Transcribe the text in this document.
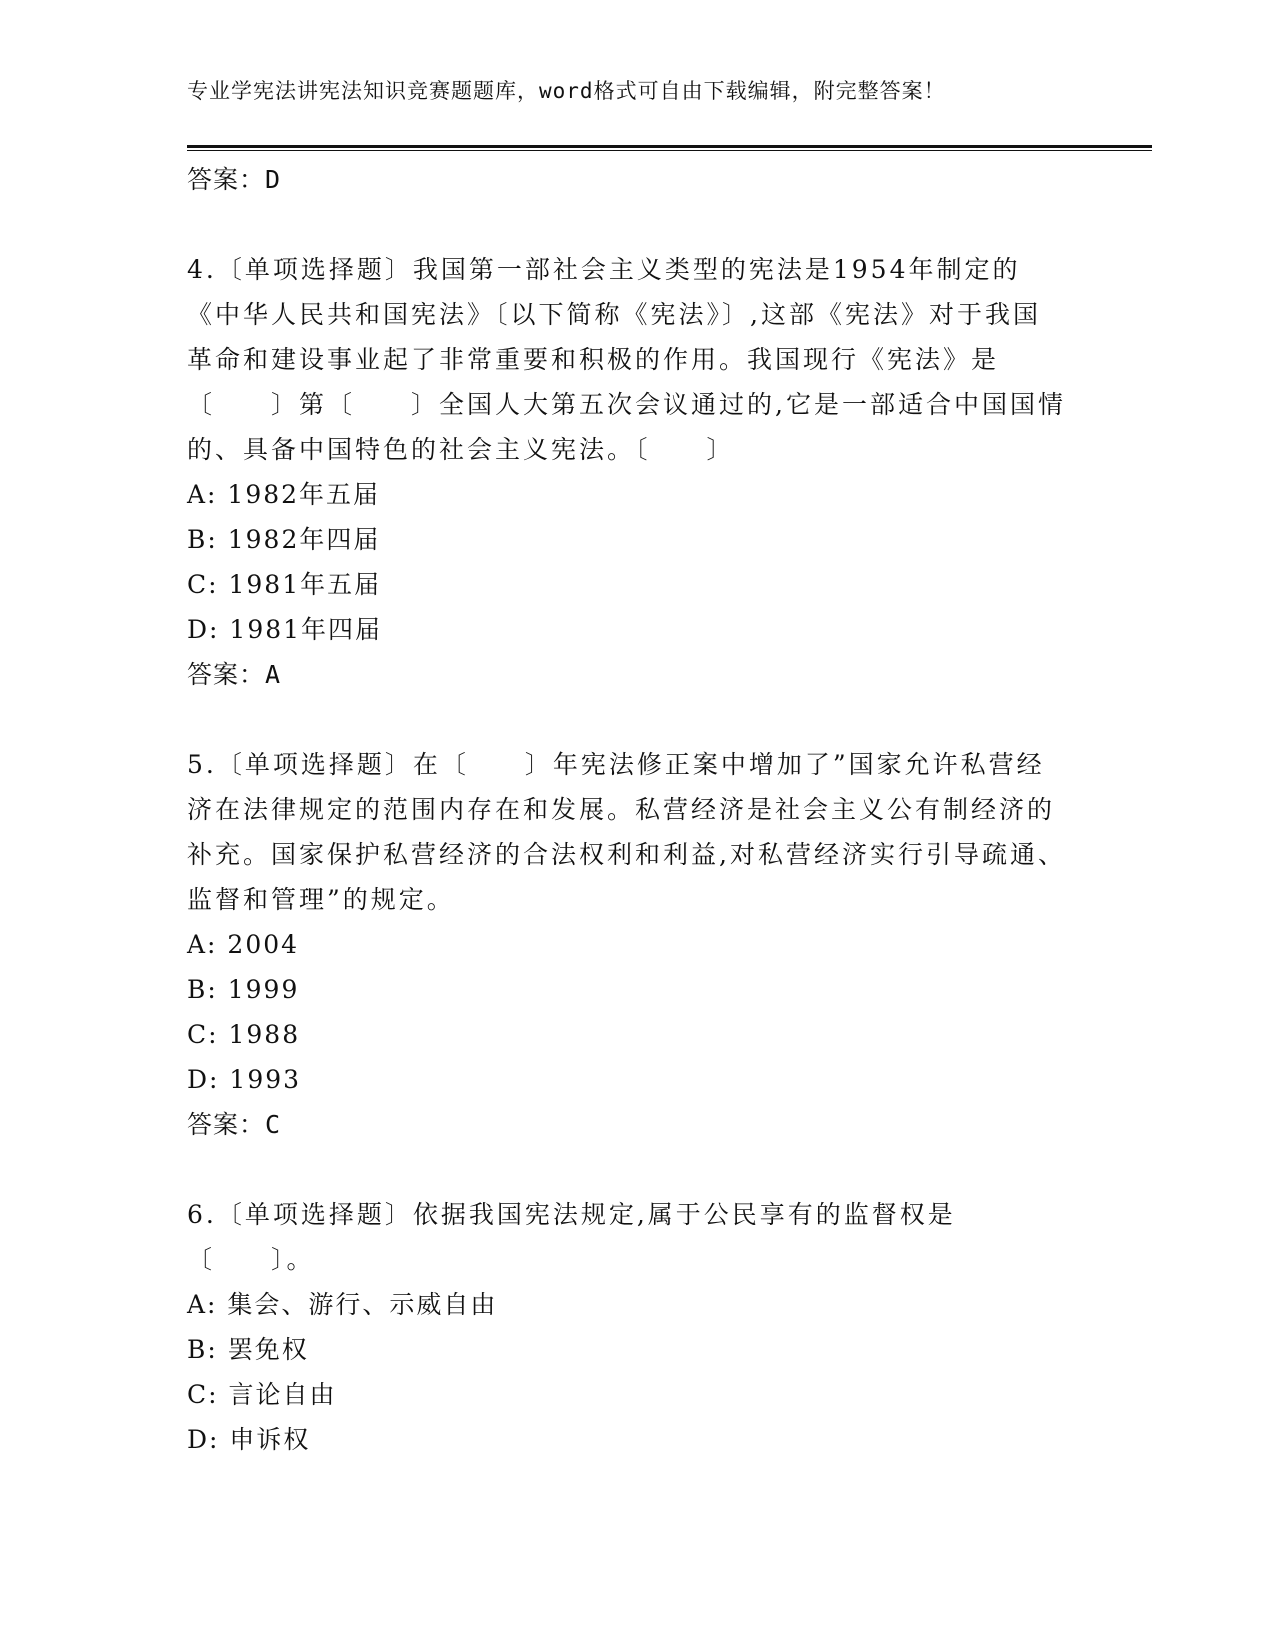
专业学宪法讲宪法知识竞赛题题库，word格式可自由下载编辑，附完整答案！
答案：D
4.〔单项选择题〕我国第一部社会主义类型的宪法是1954年制定的《中华人民共和国宪法》〔以下简称《宪法》〕,这部《宪法》对于我国革命和建设事业起了非常重要和积极的作用。我国现行《宪法》是〔　　〕第〔　　〕全国人大第五次会议通过的,它是一部适合中国国情的、具备中国特色的社会主义宪法。〔　　〕
A: 1982年五届
B: 1982年四届
C: 1981年五届
D: 1981年四届
答案：A
5.〔单项选择题〕在〔　　〕年宪法修正案中增加了”国家允许私营经济在法律规定的范围内存在和发展。私营经济是社会主义公有制经济的补充。国家保护私营经济的合法权利和利益,对私营经济实行引导疏通、监督和管理”的规定。
A: 2004
B: 1999
C: 1988
D: 1993
答案：C
6.〔单项选择题〕依据我国宪法规定,属于公民享有的监督权是〔　　〕。
A: 集会、游行、示威自由
B: 罢免权
C: 言论自由
D: 申诉权
